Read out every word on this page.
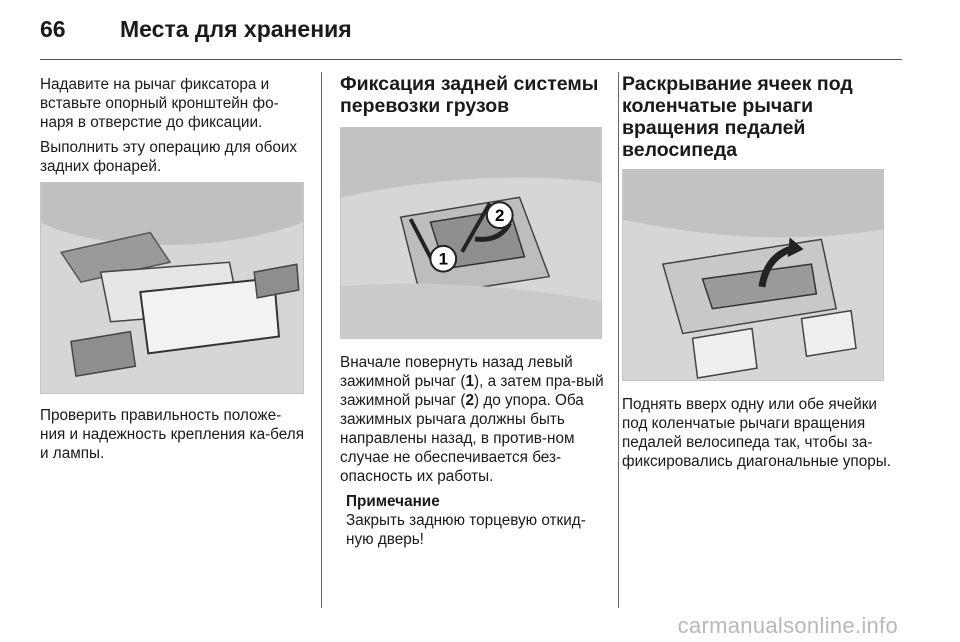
66	Места для хранения

Надавите на рычаг фиксатора и вставьте опорный кронштейн фо-наря в отверстие до фиксации.

Выполнить эту операцию для обоих задних фонарей.

Проверить правильность положе-ния и надежность крепления ка-беля и лампы.

Фиксация задней системы перевозки грузов
1
2

Вначале повернуть назад левый зажимной рычаг (1), а затем пра-вый зажимной рычаг (2) до упора. Оба зажимных рычага должны быть направлены назад, в против-ном случае не обеспечивается без-опасность их работы.

Примечание
Закрыть заднюю торцевую откид-ную дверь!
Раскрывание ячеек под коленчатые рычаги вращения педалей велосипеда

Поднять вверх одну или обе ячейки под коленчатые рычаги вращения педалей велосипеда так, чтобы за-фиксировались диагональные упоры.

carmanualsonline.info
